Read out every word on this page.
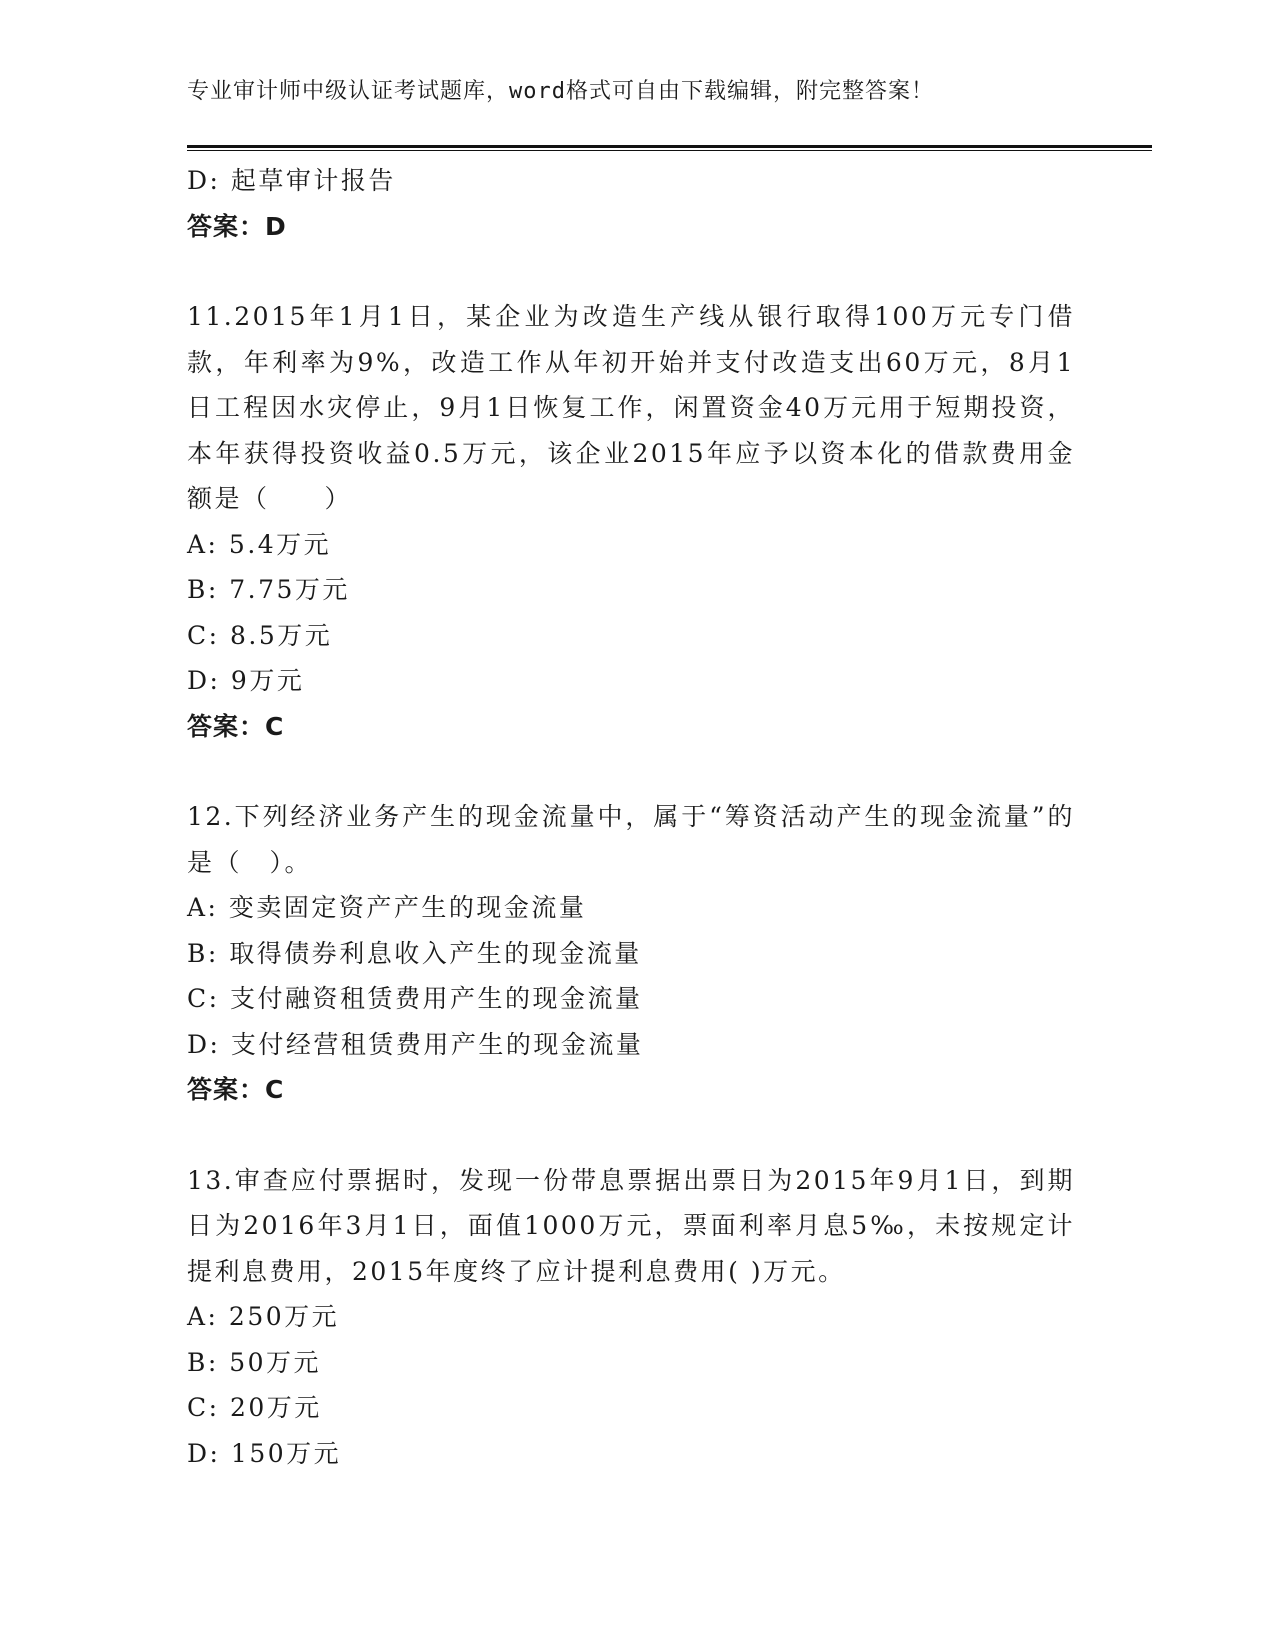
专业审计师中级认证考试题库，word格式可自由下载编辑，附完整答案！
D: 起草审计报告
答案：D
11.2015年1月1日，某企业为改造生产线从银行取得100万元专门借款，年利率为9%，改造工作从年初开始并支付改造支出60万元，8月1日工程因水灾停止，9月1日恢复工作，闲置资金40万元用于短期投资，本年获得投资收益0.5万元，该企业2015年应予以资本化的借款费用金额是（　　）
A: 5.4万元
B: 7.75万元
C: 8.5万元
D: 9万元
答案：C
12.下列经济业务产生的现金流量中，属于“筹资活动产生的现金流量”的是（　）。
A: 变卖固定资产产生的现金流量
B: 取得债券利息收入产生的现金流量
C: 支付融资租赁费用产生的现金流量
D: 支付经营租赁费用产生的现金流量
答案：C
13.审查应付票据时，发现一份带息票据出票日为2015年9月1日，到期日为2016年3月1日，面值1000万元，票面利率月息5‰，未按规定计提利息费用，2015年度终了应计提利息费用( )万元。
A: 250万元
B: 50万元
C: 20万元
D: 150万元
